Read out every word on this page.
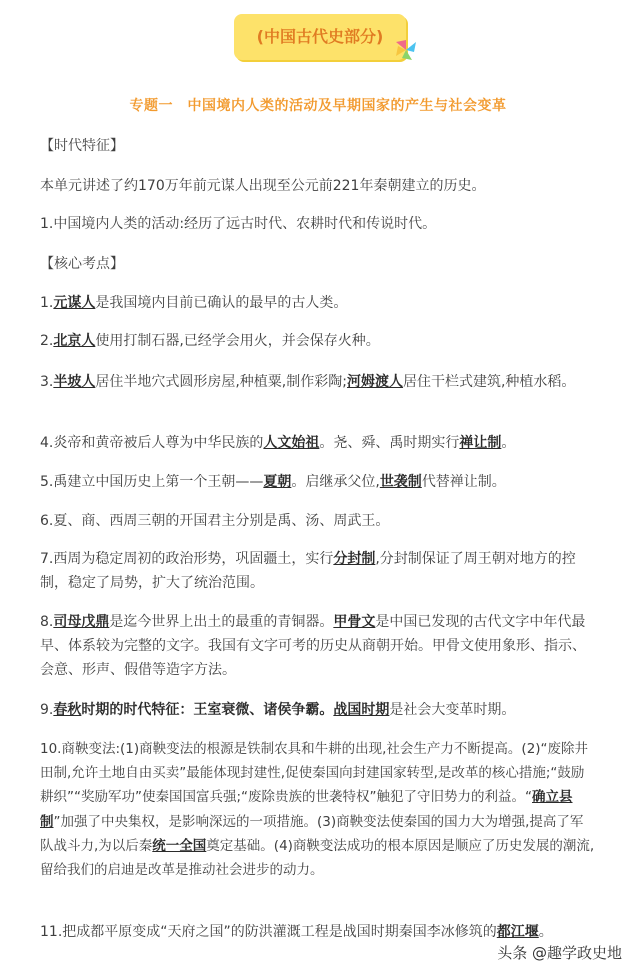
(中国古代史部分)
专题一　中国境内人类的活动及早期国家的产生与社会变革

【时代特征】

本单元讲述了约170万年前元谋人出现至公元前221年秦朝建立的历史。

1.中国境内人类的活动:经历了远古时代、农耕时代和传说时代。

【核心考点】

1.元谋人是我国境内目前已确认的最早的古人类。

2.北京人使用打制石器,已经学会用火，并会保存火种。

3.半坡人居住半地穴式圆形房屋,种植粟,制作彩陶;河姆渡人居住干栏式建筑,种植水稻。

4.炎帝和黄帝被后人尊为中华民族的人文始祖。尧、舜、禹时期实行禅让制。

5.禹建立中国历史上第一个王朝——夏朝。启继承父位,世袭制代替禅让制。

6.夏、商、西周三朝的开国君主分别是禹、汤、周武王。

7.西周为稳定周初的政治形势，巩固疆土，实行分封制,分封制保证了周王朝对地方的控制，稳定了局势，扩大了统治范围。

8.司母戊鼎是迄今世界上出土的最重的青铜器。甲骨文是中国已发现的古代文字中年代最早、体系较为完整的文字。我国有文字可考的历史从商朝开始。甲骨文使用象形、指示、会意、形声、假借等造字方法。

9.春秋时期的时代特征：王室衰微、诸侯争霸。战国时期是社会大变革时期。

10.商鞅变法:(1)商鞅变法的根源是铁制农具和牛耕的出现,社会生产力不断提高。(2)“废除井田制,允许土地自由买卖”最能体现封建性,促使秦国向封建国家转型,是改革的核心措施;“鼓励耕织”“奖励军功”使秦国国富兵强;“废除贵族的世袭特权”触犯了守旧势力的利益。“确立县制”加强了中央集权，是影响深远的一项措施。(3)商鞅变法使秦国的国力大为增强,提高了军队战斗力,为以后秦统一全国奠定基础。(4)商鞅变法成功的根本原因是顺应了历史发展的潮流,留给我们的启迪是改革是推动社会进步的动力。

11.把成都平原变成“天府之国”的防洪灌溉工程是战国时期秦国李冰修筑的都江堰。

头条 @趣学政史地
